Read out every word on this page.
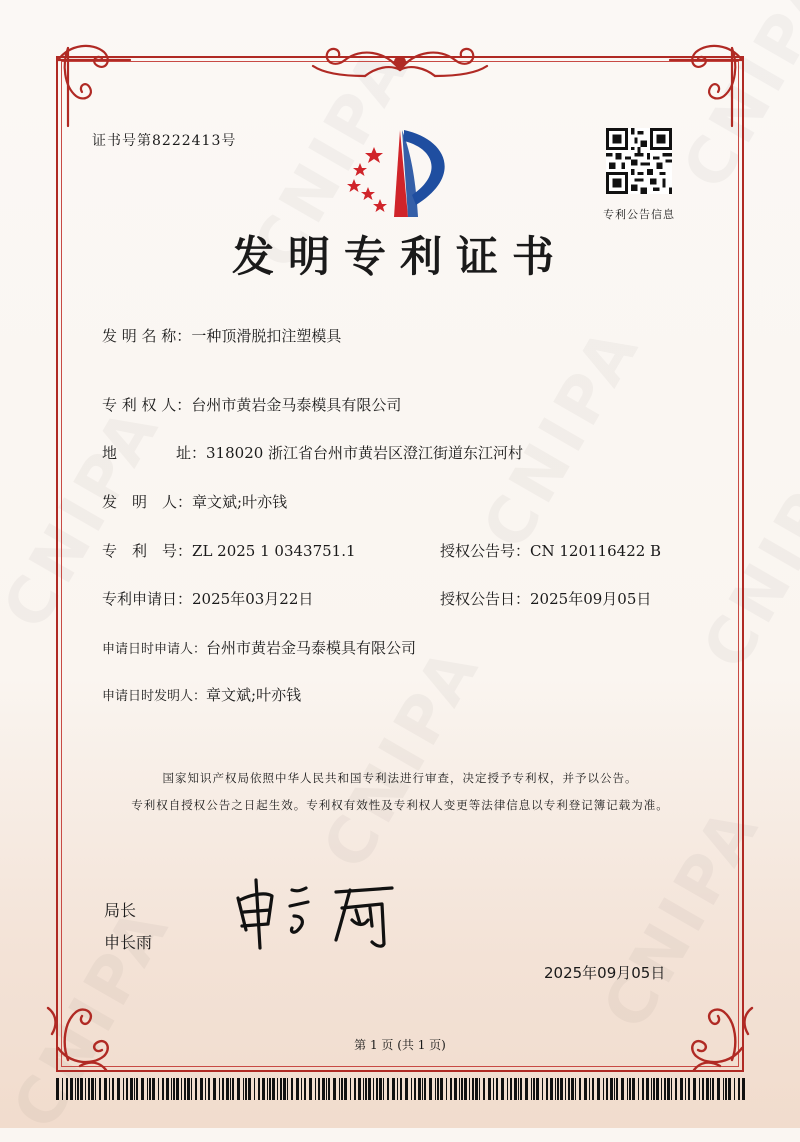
证书号第8222413号
专利公告信息
发明专利证书
发 明 名 称：一种顶滑脱扣注塑模具
专 利 权 人：台州市黄岩金马泰模具有限公司
地	址：318020 浙江省台州市黄岩区澄江街道东江河村
发　明　人：章文斌;叶亦钱
专　利　号：ZL 2025 1 0343751.1	授权公告号：CN 120116422 B
专利申请日：2025年03月22日	授权公告日：2025年09月05日
申请日时申请人：台州市黄岩金马泰模具有限公司
申请日时发明人：章文斌;叶亦钱
国家知识产权局依照中华人民共和国专利法进行审查，决定授予专利权，并予以公告。
专利权自授权公告之日起生效。专利权有效性及专利权人变更等法律信息以专利登记簿记载为准。
局长
申长雨
2025年09月05日
第 1 页 (共 1 页)
